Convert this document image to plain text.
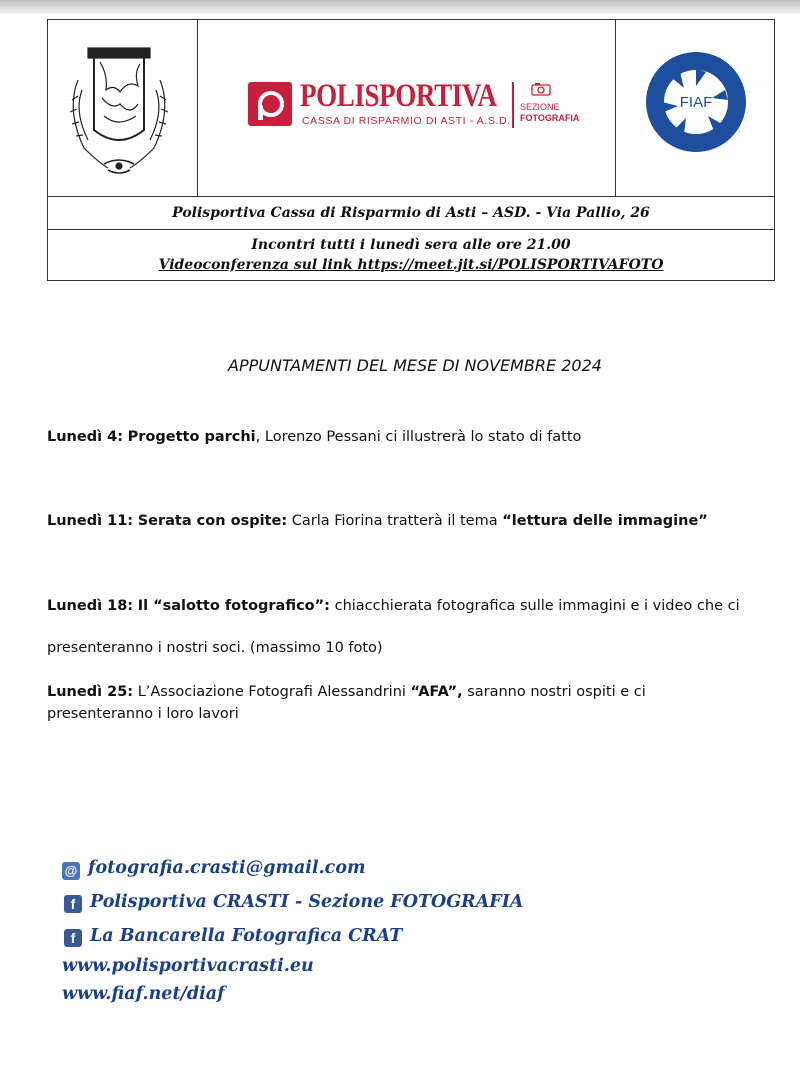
POLISPORTIVA
CASSA DI RISPARMIO DI ASTI - A.S.D.
SEZIONE
FOTOGRAFIA
FIAF
Polisportiva Cassa di Risparmio di Asti – ASD. - Via Pallio, 26
Incontri tutti i lunedì sera alle ore 21.00
Videoconferenza sul link https://meet.jit.si/POLISPORTIVAFOTO
APPUNTAMENTI DEL MESE DI NOVEMBRE 2024
Lunedì 4: Progetto parchi, Lorenzo Pessani ci illustrerà lo stato di fatto
Lunedì 11: Serata con ospite: Carla Fiorina tratterà il tema “lettura delle immagine”
Lunedì 18: Il “salotto fotografico”: chiacchierata fotografica sulle immagini e i video che ci
presenteranno i nostri soci. (massimo 10 foto)
Lunedì 25: L’Associazione Fotografi Alessandrini “AFA”, saranno nostri ospiti e ci
presenteranno i loro lavori
@ fotografia.crasti@gmail.com
f Polisportiva CRASTI - Sezione FOTOGRAFIA
f La Bancarella Fotografica CRAT
www.polisportivacrasti.eu
www.fiaf.net/diaf
